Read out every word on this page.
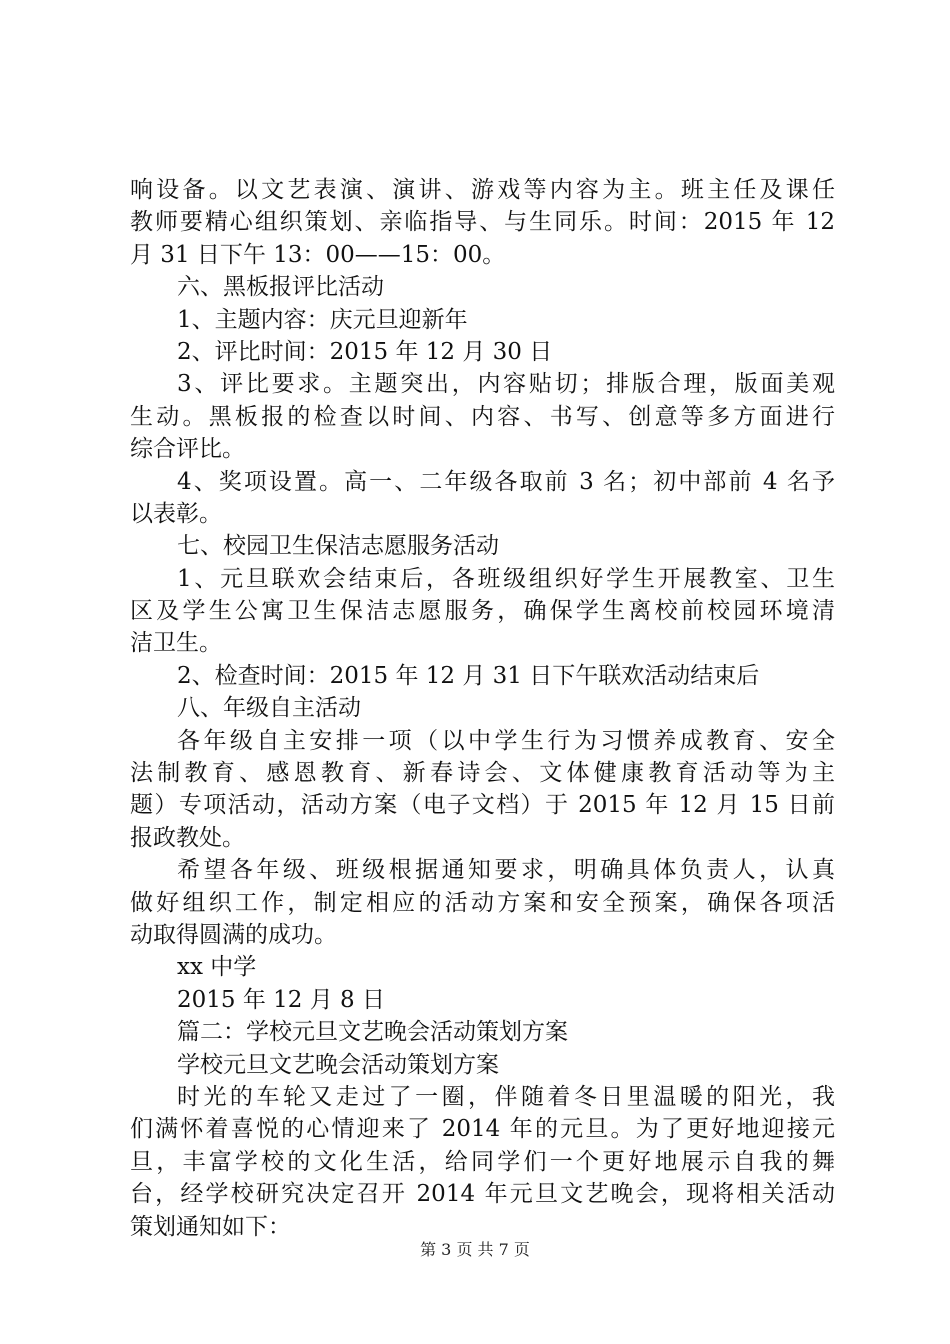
响设备。以文艺表演、演讲、游戏等内容为主。班主任及课任
教师要精心组织策划、亲临指导、与生同乐。时间：2015 年 12
月 31 日下午 13：00——15：00。
六、黑板报评比活动
1、主题内容：庆元旦迎新年
2、评比时间：2015 年 12 月 30 日
3、评比要求。主题突出，内容贴切；排版合理，版面美观
生动。黑板报的检查以时间、内容、书写、创意等多方面进行
综合评比。
4、奖项设置。高一、二年级各取前 3 名；初中部前 4 名予
以表彰。
七、校园卫生保洁志愿服务活动
1、元旦联欢会结束后，各班级组织好学生开展教室、卫生
区及学生公寓卫生保洁志愿服务，确保学生离校前校园环境清
洁卫生。
2、检查时间：2015 年 12 月 31 日下午联欢活动结束后
八、年级自主活动
各年级自主安排一项（以中学生行为习惯养成教育、安全
法制教育、感恩教育、新春诗会、文体健康教育活动等为主
题）专项活动，活动方案（电子文档）于 2015 年 12 月 15 日前
报政教处。
希望各年级、班级根据通知要求，明确具体负责人，认真
做好组织工作，制定相应的活动方案和安全预案，确保各项活
动取得圆满的成功。
xx 中学
2015 年 12 月 8 日
篇二：学校元旦文艺晚会活动策划方案
学校元旦文艺晚会活动策划方案
时光的车轮又走过了一圈，伴随着冬日里温暖的阳光，我
们满怀着喜悦的心情迎来了 2014 年的元旦。为了更好地迎接元
旦，丰富学校的文化生活，给同学们一个更好地展示自我的舞
台，经学校研究决定召开 2014 年元旦文艺晚会，现将相关活动
策划通知如下：
第 3 页 共 7 页
